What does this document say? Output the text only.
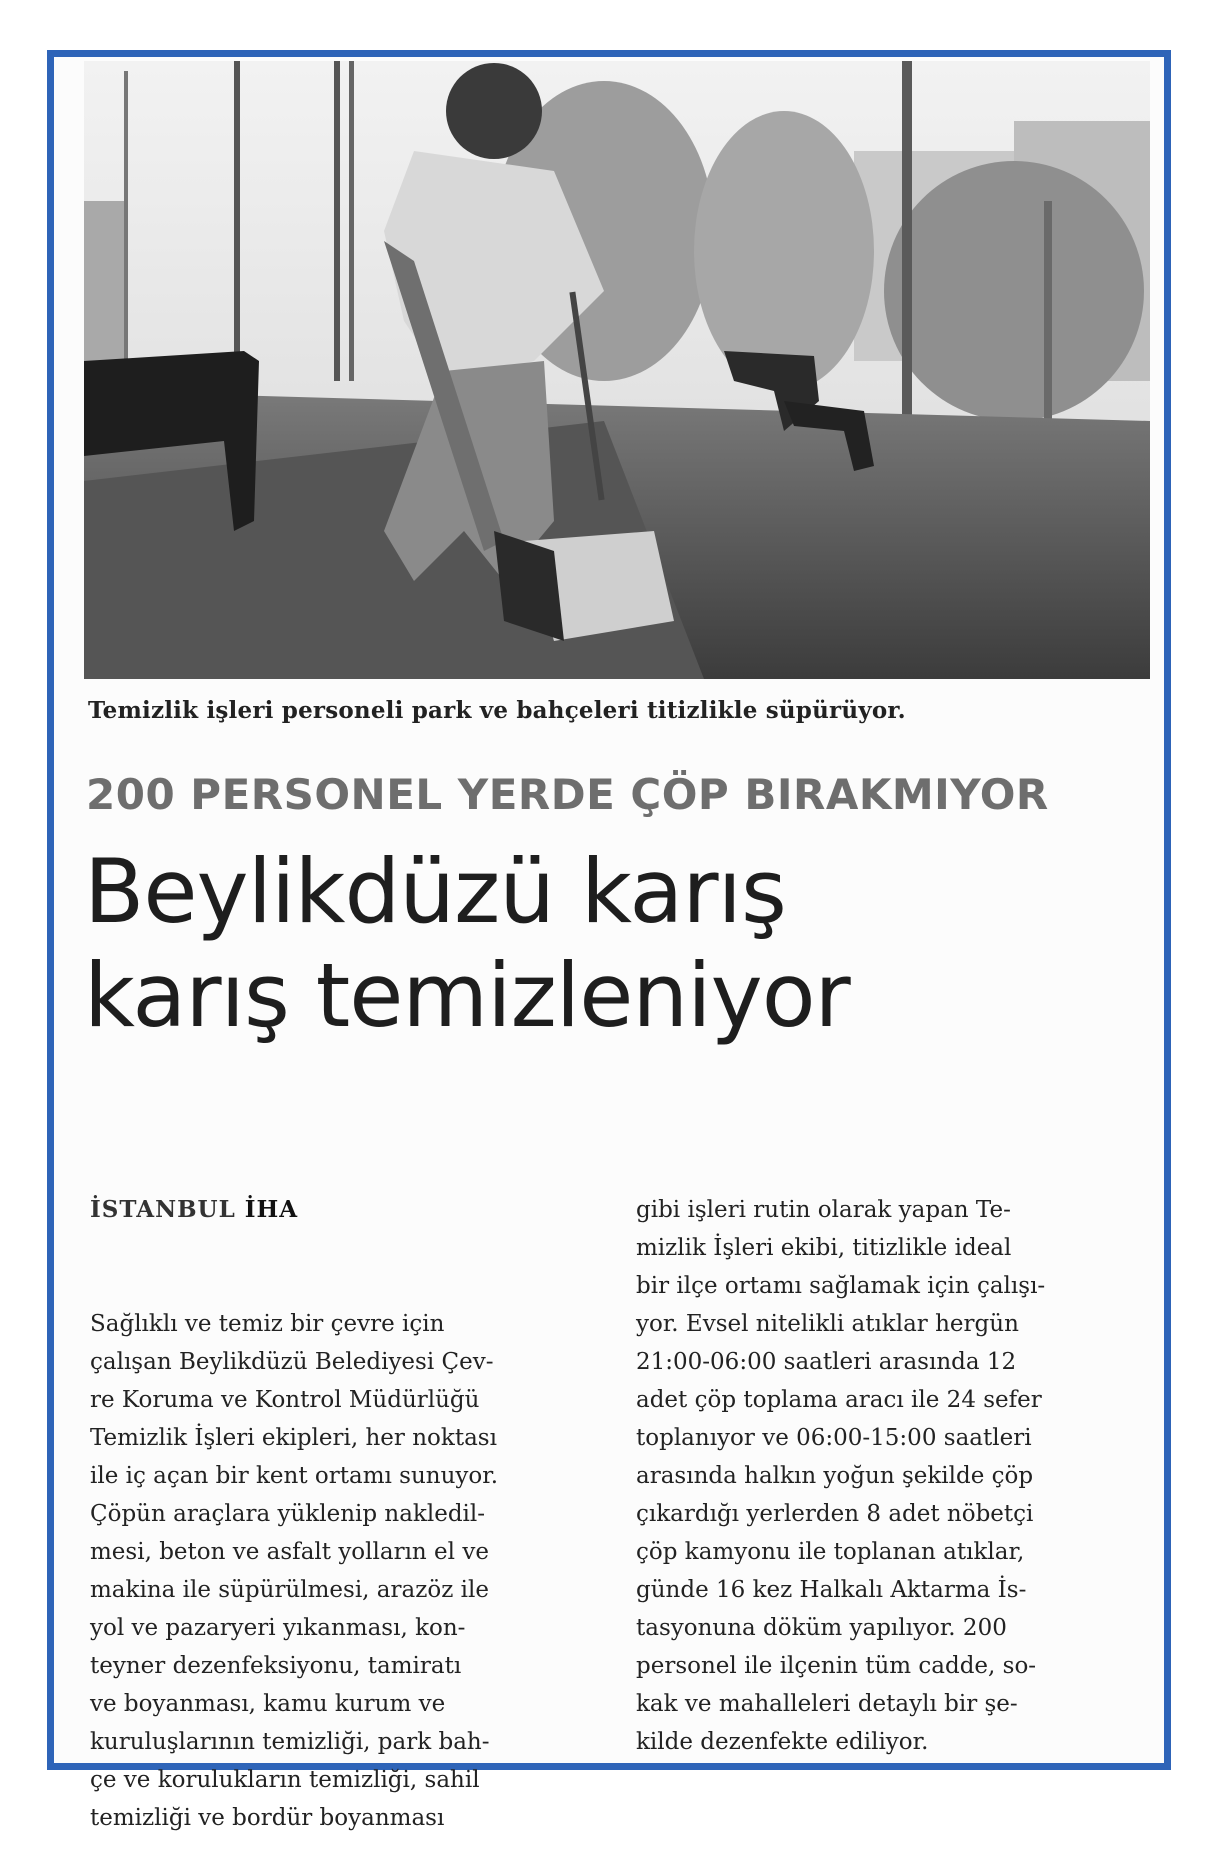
Temizlik işleri personeli park ve bahçeleri titizlikle süpürüyor.
200 PERSONEL YERDE ÇÖP BIRAKMIYOR
Beylikdüzü karış
karış temizleniyor

İSTANBUL İHA

Sağlıklı ve temiz bir çevre için
çalışan Beylikdüzü Belediyesi Çev-
re Koruma ve Kontrol Müdürlüğü
Temizlik İşleri ekipleri, her noktası
ile iç açan bir kent ortamı sunuyor.
Çöpün araçlara yüklenip nakledil-
mesi, beton ve asfalt yolların el ve
makina ile süpürülmesi, arazöz ile
yol ve pazaryeri yıkanması, kon-
teyner dezenfeksiyonu, tamiratı
ve boyanması, kamu kurum ve
kuruluşlarının temizliği, park bah-
çe ve korulukların temizliği, sahil
temizliği ve bordür boyanması

gibi işleri rutin olarak yapan Te-
mizlik İşleri ekibi, titizlikle ideal
bir ilçe ortamı sağlamak için çalışı-
yor. Evsel nitelikli atıklar hergün
21:00-06:00 saatleri arasında 12
adet çöp toplama aracı ile 24 sefer
toplanıyor ve 06:00-15:00 saatleri
arasında halkın yoğun şekilde çöp
çıkardığı yerlerden 8 adet nöbetçi
çöp kamyonu ile toplanan atıklar,
günde 16 kez Halkalı Aktarma İs-
tasyonuna döküm yapılıyor. 200
personel ile ilçenin tüm cadde, so-
kak ve mahalleleri detaylı bir şe-
kilde dezenfekte ediliyor.
